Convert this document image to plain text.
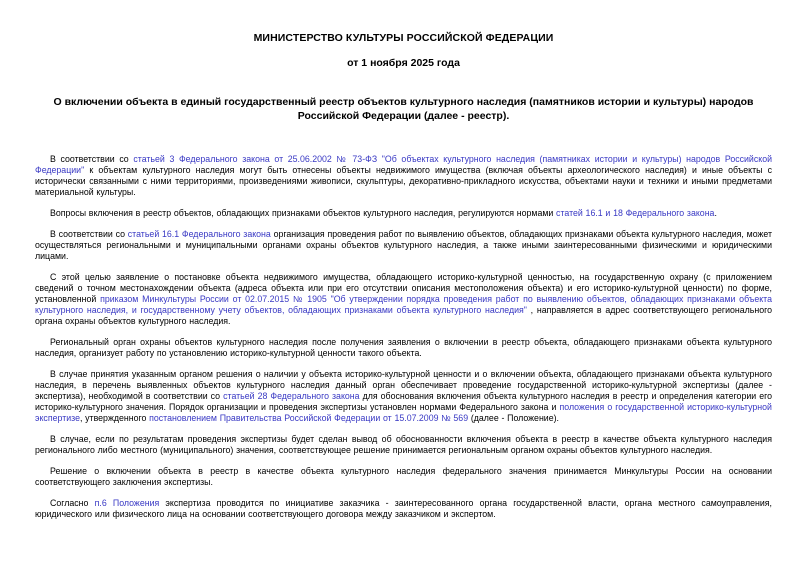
МИНИСТЕРСТВО КУЛЬТУРЫ РОССИЙСКОЙ ФЕДЕРАЦИИ
от 1 ноября 2025 года
О включении объекта в единый государственный реестр объектов культурного наследия (памятников истории и культуры) народов Российской Федерации (далее - реестр).

В соответствии со статьей 3 Федерального закона от 25.06.2002 № 73-ФЗ "Об объектах культурного наследия (памятниках истории и культуры) народов Российской Федерации" к объектам культурного наследия могут быть отнесены объекты недвижимого имущества (включая объекты археологического наследия) и иные объекты с исторически связанными с ними территориями, произведениями живописи, скульптуры, декоративно-прикладного искусства, объектами науки и техники и иными предметами материальной культуры.

Вопросы включения в реестр объектов, обладающих признаками объектов культурного наследия, регулируются нормами статей 16.1 и 18 Федерального закона.

В соответствии со статьей 16.1 Федерального закона организация проведения работ по выявлению объектов, обладающих признаками объекта культурного наследия, может осуществляться региональными и муниципальными органами охраны объектов культурного наследия, а также иными заинтересованными физическими и юридическими лицами.

С этой целью заявление о постановке объекта недвижимого имущества, обладающего историко-культурной ценностью, на государственную охрану (с приложением сведений о точном местонахождении объекта (адреса объекта или при его отсутствии описания местоположения объекта) и его историко-культурной ценности) по форме, установленной приказом Минкультуры России от 02.07.2015 № 1905 "Об утверждении порядка проведения работ по выявлению объектов, обладающих признаками объекта культурного наследия, и государственному учету объектов, обладающих признаками объекта культурного наследия" , направляется в адрес соответствующего регионального органа охраны объектов культурного наследия.

Региональный орган охраны объектов культурного наследия после получения заявления о включении в реестр объекта, обладающего признаками объекта культурного наследия, организует работу по установлению историко-культурной ценности такого объекта.

В случае принятия указанным органом решения о наличии у объекта историко-культурной ценности и о включении объекта, обладающего признаками объекта культурного наследия, в перечень выявленных объектов культурного наследия данный орган обеспечивает проведение государственной историко-культурной экспертизы (далее - экспертиза), необходимой в соответствии со статьей 28 Федерального закона для обоснования включения объекта культурного наследия в реестр и определения категории его историко-культурного значения. Порядок организации и проведения экспертизы установлен нормами Федерального закона и положения о государственной историко-культурной экспертизе, утвержденного постановлением Правительства Российской Федерации от 15.07.2009 № 569 (далее - Положение).

В случае, если по результатам проведения экспертизы будет сделан вывод об обоснованности включения объекта в реестр в качестве объекта культурного наследия регионального либо местного (муниципального) значения, соответствующее решение принимается региональным органом охраны объектов культурного наследия.

Решение о включении объекта в реестр в качестве объекта культурного наследия федерального значения принимается Минкультуры России на основании соответствующего заключения экспертизы.

Согласно п.6 Положения экспертиза проводится по инициативе заказчика - заинтересованного органа государственной власти, органа местного самоуправления, юридического или физического лица на основании соответствующего договора между заказчиком и экспертом.
